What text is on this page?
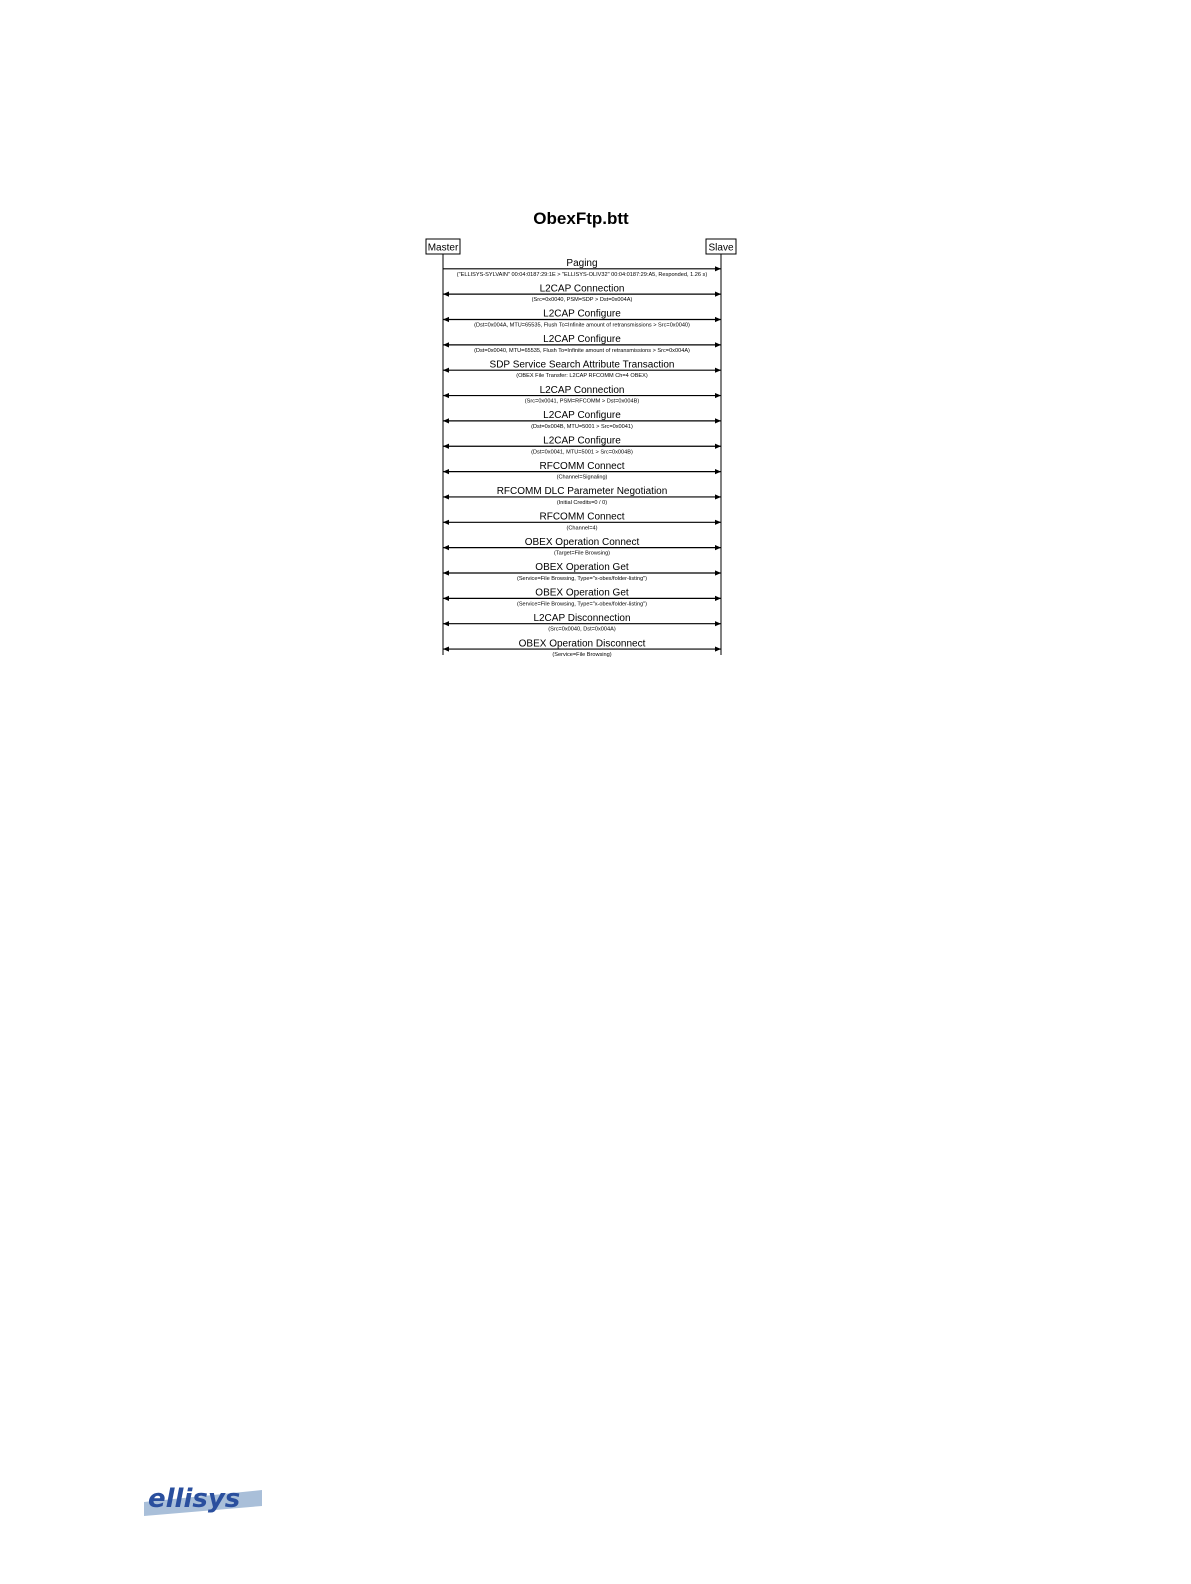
ObexFtp.btt
Master	Slave
Paging
("ELLISYS-SYLVAIN" 00:04:0187:29:1E > "ELLISYS-OLIV32" 00:04:0187:29:A5, Responded, 1.26 s)
L2CAP Connection
(Src=0x0040, PSM=SDP > Dst=0x004A)
L2CAP Configure
(Dst=0x004A, MTU=65535, Flush To=Infinite amount of retransmissions > Src=0x0040)
L2CAP Configure
(Dst=0x0040, MTU=65535, Flush To=Infinite amount of retransmissions > Src=0x004A)
SDP Service Search Attribute Transaction
(OBEX File Transfer: L2CAP RFCOMM Ch=4 OBEX)
L2CAP Connection
(Src=0x0041, PSM=RFCOMM > Dst=0x004B)
L2CAP Configure
(Dst=0x004B, MTU=5001 > Src=0x0041)
L2CAP Configure
(Dst=0x0041, MTU=5001 > Src=0x004B)
RFCOMM Connect
(Channel=Signaling)
RFCOMM DLC Parameter Negotiation
(Initial Credits=0 / 0)
RFCOMM Connect
(Channel=4)
OBEX Operation Connect
(Target=File Browsing)
OBEX Operation Get
(Service=File Browsing, Type="x-obex/folder-listing")
OBEX Operation Get
(Service=File Browsing, Type="x-obex/folder-listing")
L2CAP Disconnection
(Src=0x0040, Dst=0x004A)
OBEX Operation Disconnect
(Service=File Browsing)
ellisys
